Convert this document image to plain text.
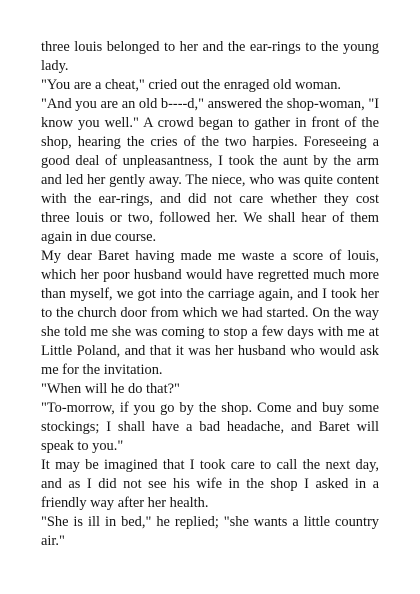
three louis belonged to her and the ear-rings to the young lady.

"You are a cheat," cried out the enraged old woman.

"And you are an old b----d," answered the shop-woman, "I know you well." A crowd began to gather in front of the shop, hearing the cries of the two harpies. Foreseeing a good deal of unpleasantness, I took the aunt by the arm and led her gently away. The niece, who was quite content with the ear-rings, and did not care whether they cost three louis or two, followed her. We shall hear of them again in due course.

My dear Baret having made me waste a score of louis, which her poor husband would have regretted much more than myself, we got into the carriage again, and I took her to the church door from which we had started. On the way she told me she was coming to stop a few days with me at Little Poland, and that it was her husband who would ask me for the invitation.

"When will he do that?"

"To-morrow, if you go by the shop. Come and buy some stockings; I shall have a bad headache, and Baret will speak to you."

It may be imagined that I took care to call the next day, and as I did not see his wife in the shop I asked in a friendly way after her health.

"She is ill in bed," he replied; "she wants a little country air."
